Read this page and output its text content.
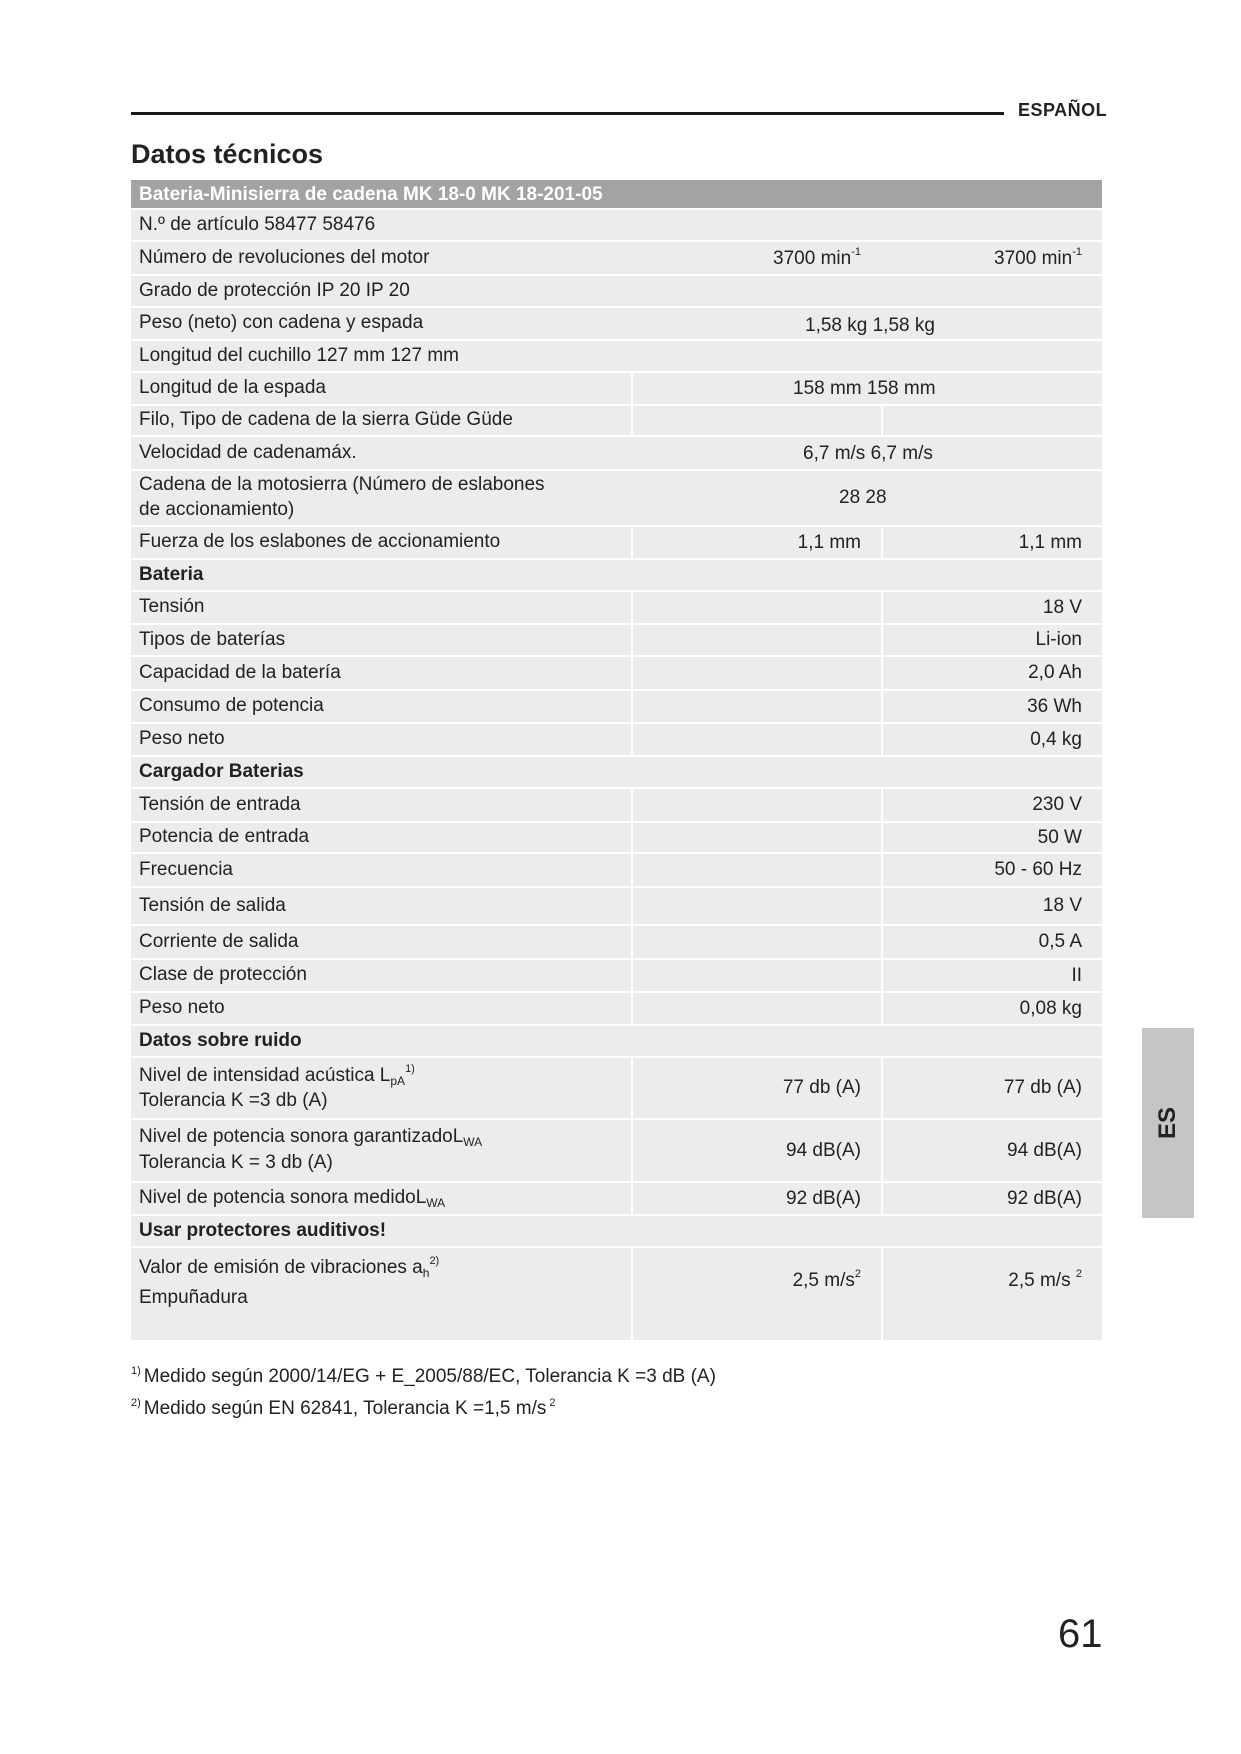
ESPAÑOL
Datos técnicos
Bateria-Minisierra de cadena MK 18-0 MK 18-201-05
N.º de artículo 58477 58476
Número de revoluciones del motor	3700 $\min^{-1}$	3700 $\min^{-1}$
Grado de protección IP 20 IP 20
Peso (neto) con cadena y espada	1,58 kg 1,58 kg
Longitud del cuchillo 127 mm 127 mm
Longitud de la espada	158 mm 158 mm
Filo, Tipo de cadena de la sierra Güde Güde
Velocidad de cadenamáx.	6,7 m/s 6,7 m/s
Cadena de la motosierra (Número de eslabones de accionamiento)
28 28
Fuerza de los eslabones de accionamiento	1,1 mm	1,1 mm
Bateria
Tensión	18 V
Tipos de baterías	Li-ion
Capacidad de la batería	2,0 Ah
Consumo de potencia	36 Wh
Peso neto	0,4 kg
Cargador Baterias
Tensión de entrada	230 V
Potencia de entrada	50 W
Frecuencia	50 - 60 Hz
Tensión de salida	18 V
Corriente de salida	0,5 A
Clase de protección	II
Peso neto	0,08 kg
Datos sobre ruido
Nivel de intensidad acústica $L_{pA}^{1)}$
Tolerancia K =3 db (A)
77 db (A)	77 db (A)
Nivel de potencia sonora garantizadoL$_{WA}$
Tolerancia K = 3 db (A)
94 dB(A)	94 dB(A)
Nivel de potencia sonora medidoL$_{WA}$	92 dB(A)	92 dB(A)
Usar protectores auditivos!
Valor de emisión de vibraciones $a_h^{2)}$
Empuñadura
2,5 $m/s^2$	2,5 m/s $^2$
$^{1)}$ Medido según 2000/14/EG + E_2005/88/EC, Tolerancia K =3 dB (A)
$^{2)}$ Medido según EN 62841, Tolerancia K =1,5 m/s $^2$
ES
61
